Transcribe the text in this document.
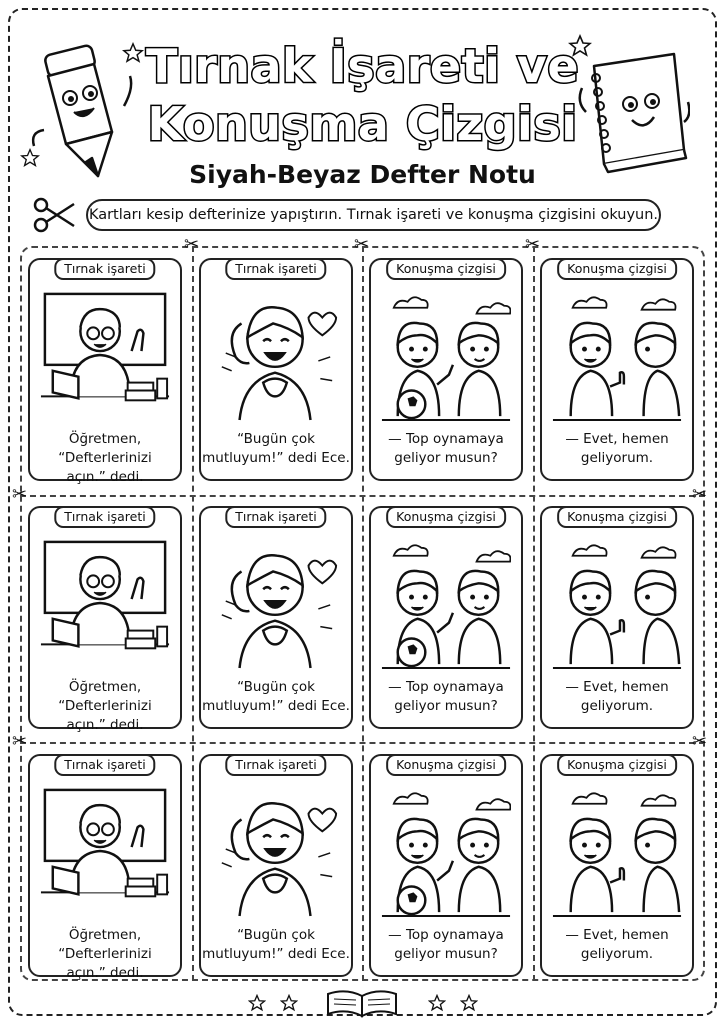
Tırnak İşareti ve
Konuşma Çizgisi
Siyah-Beyaz Defter Notu
Kartları kesip defterinize yapıştırın. Tırnak işareti ve konuşma çizgisini okuyun.
✂	✂	✂
✂	✂
✂	✂
Tırnak işareti
Öğretmen, “Defterlerinizi
açın.” dedi.
Tırnak işareti
“Bugün çok
mutluyum!” dedi Ece.
Konuşma çizgisi
— Top oynamaya
geliyor musun?
Konuşma çizgisi
— Evet, hemen
geliyorum.
Tırnak işareti
Öğretmen, “Defterlerinizi
açın.” dedi.
Tırnak işareti
“Bugün çok
mutluyum!” dedi Ece.
Konuşma çizgisi
— Top oynamaya
geliyor musun?
Konuşma çizgisi
— Evet, hemen
geliyorum.
Tırnak işareti
Öğretmen, “Defterlerinizi
açın.” dedi.
Tırnak işareti
“Bugün çok
mutluyum!” dedi Ece.
Konuşma çizgisi
— Top oynamaya
geliyor musun?
Konuşma çizgisi
— Evet, hemen
geliyorum.
